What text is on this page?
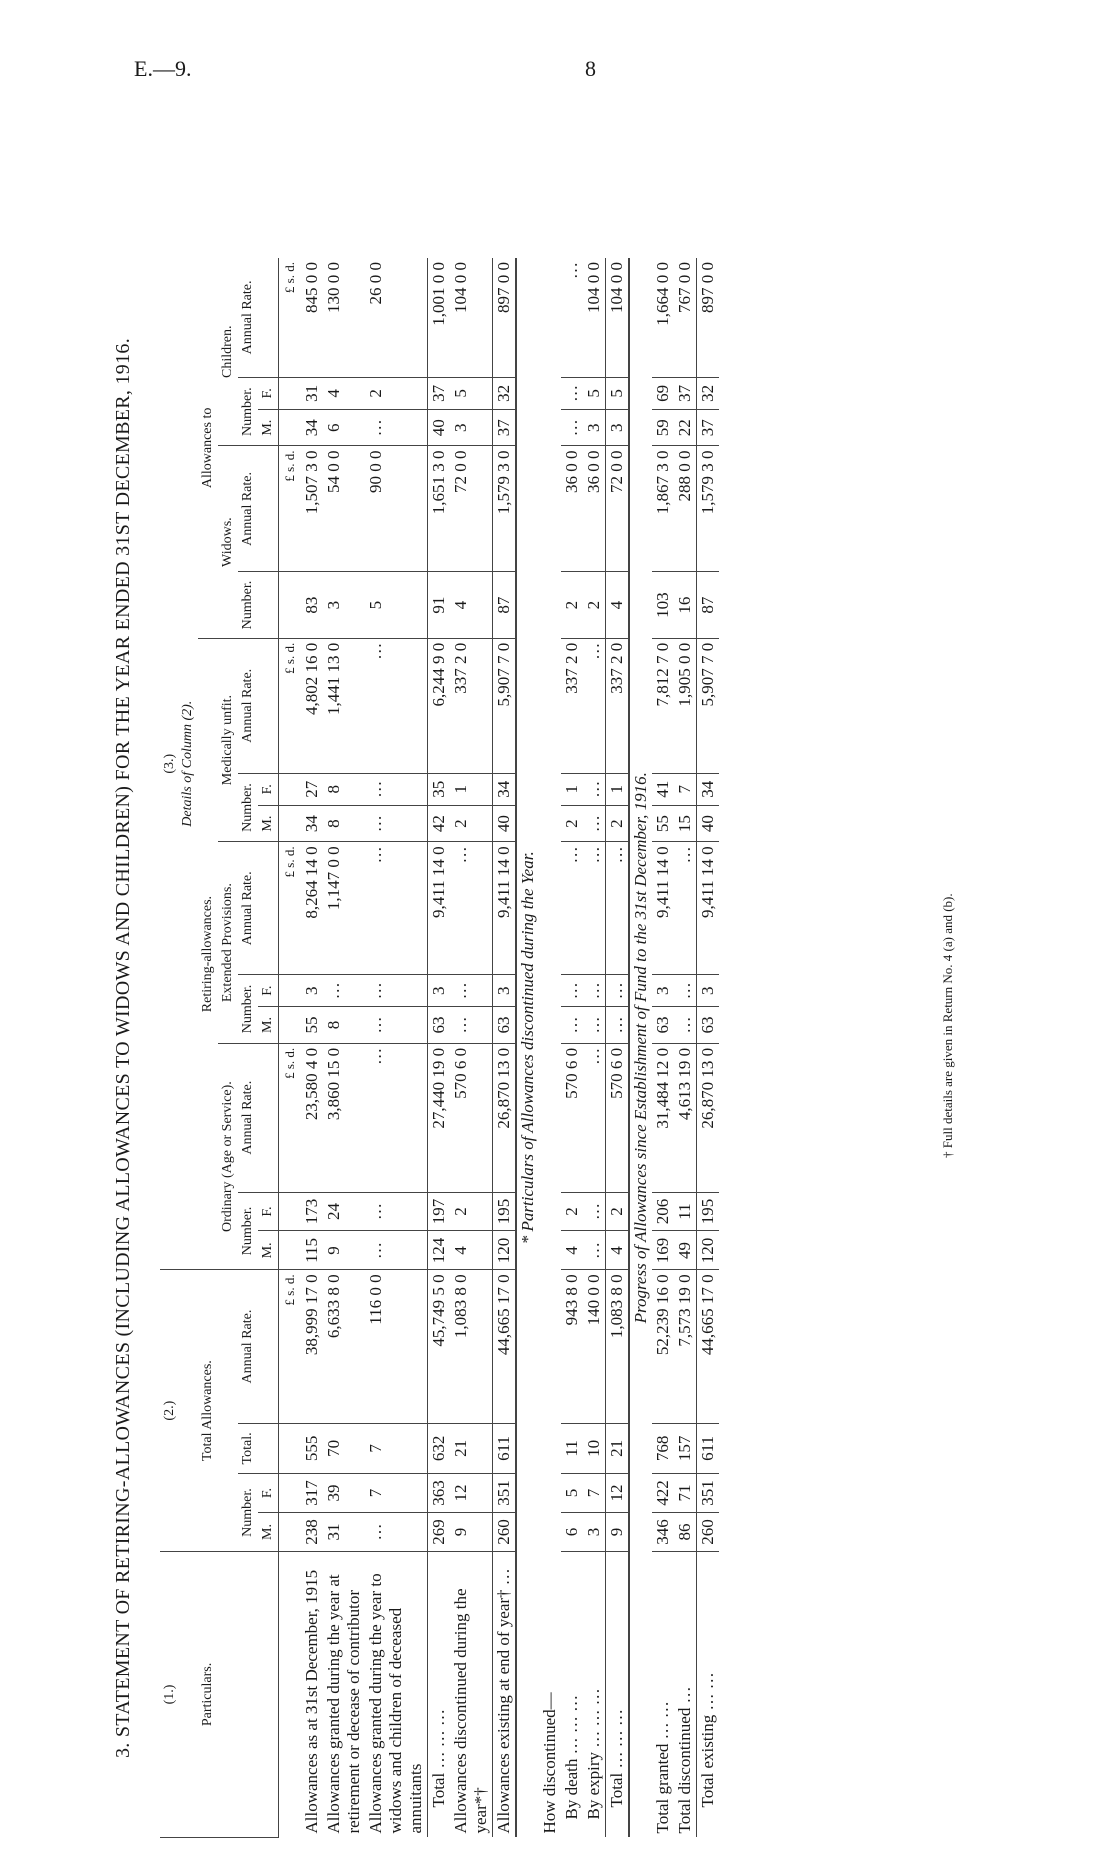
E.—9.	8
3. STATEMENT OF RETIRING-ALLOWANCES (INCLUDING ALLOWANCES TO WIDOWS AND CHILDREN) FOR THE YEAR ENDED 31ST DECEMBER, 1916.	(1.)	(2.)				(3.) Details of Column (2).													
Particulars.	Total Allowances.				Retiring-allowances.									Allowances to				
					Ordinary (Age or Service).			Extended Provisions.			Medically unfit.			Widows.		Children.		
	Number.		Total.	Annual Rate.	Number.		Annual Rate.	Number.		Annual Rate.	Number.		Annual Rate.	Number.	Annual Rate.	Number.		Annual Rate.
	M.	F.			M.	F.		M.	F.		M.	F.				M.	F.	
				£ s. d.			£ s. d.			£ s. d.			£ s. d.		£ s. d.			£ s. d.
Allowances as at 31st December, 1915	238	317	555	38,999 17 0	115	173	23,580 4 0	55	3	8,264 14 0	34	27	4,802 16 0	83	1,507 3 0	34	31	845 0 0
Allowances granted during the year at retirement or decease of contributor	31	39	70	6,633 8 0	9	24	3,860 15 0	8	…	1,147 0 0	8	8	1,441 13 0	3	54 0 0	6	4	130 0 0
Allowances granted during the year to widows and children of deceased annuitants	…	7	7	116 0 0	…	…	…	…	…	…	…	…	…	5	90 0 0	…	2	26 0 0

Total … … …	269	363	632	45,749 5 0	124	197	27,440 19 0	63	3	9,411 14 0	42	35	6,244 9 0	91	1,651 3 0	40	37	1,001 0 0
Allowances discontinued during the year*†	9	12	21	1,083 8 0	4	2	570 6 0	…	…	…	2	1	337 2 0	4	72 0 0	3	5	104 0 0
Allowances existing at end of year† …	260	351	611	44,665 17 0	120	195	26,870 13 0	63	3	9,411 14 0	40	34	5,907 7 0	87	1,579 3 0	37	32	897 0 0
* Particulars of Allowances discontinued during the Year.																		
How discontinued—																		

By death … … …	6	5	11	943 8 0	4	2	570 6 0	…	…	…	2	1	337 2 0	2	36 0 0	…	…	…

By expiry … … …	3	7	10	140 0 0	…	…	…	…	…	…	…	…	…	2	36 0 0	3	5	104 0 0

Total … … …	9	12	21	1,083 8 0	4	2	570 6 0	…	…	…	2	1	337 2 0	4	72 0 0	3	5	104 0 0
Progress of Allowances since Establishment of Fund to the 31st December, 1916.																		
Total granted … …	346	422	768	52,239 16 0	169	206	31,484 12 0	63	3	9,411 14 0	55	41	7,812 7 0	103	1,867 3 0	59	69	1,664 0 0
Total discontinued …	86	71	157	7,573 19 0	49	11	4,613 19 0	…	…	…	15	7	1,905 0 0	16	288 0 0	22	37	767 0 0

Total existing … …	260	351	611	44,665 17 0	120	195	26,870 13 0	63	3	9,411 14 0	40	34	5,907 7 0	87	1,579 3 0	37	32	897 0 0
† Full details are given in Return No. 4 (a) and (b).
